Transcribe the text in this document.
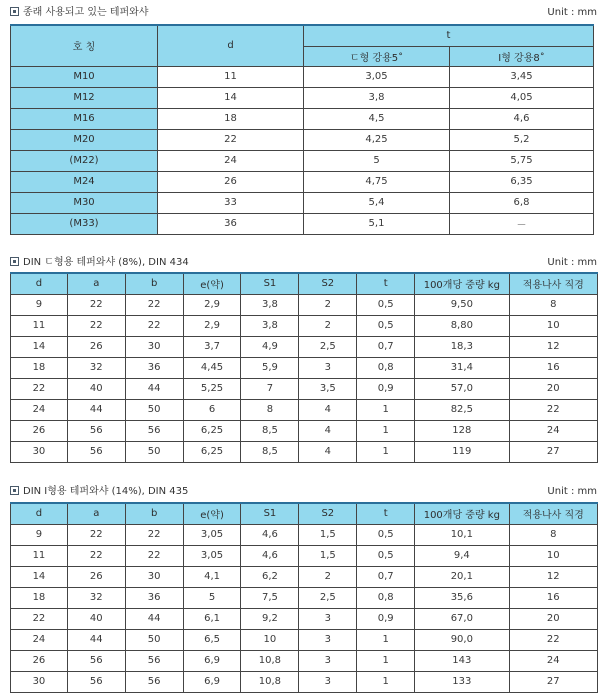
종래 사용되고 있는 테퍼와샤	Unit : mm
호 칭	d	t	
		ㄷ형 강용5˚	I형 강용8˚
M10	11	3,05	3,45
M12	14	3,8	4,05
M16	18	4,5	4,6
M20	22	4,25	5,2
(M22)	24	5	5,75
M24	26	4,75	6,35
M30	33	5,4	6,8
(M33)	36	5,1	－
DIN ㄷ형용 테퍼와샤 (8%), DIN 434	Unit : mm
d	a	b	e(약)	S1	S2	t	100개당 중량 kg	적용나사 직경
9	22	22	2,9	3,8	2	0,5	9,50	8
11	22	22	2,9	3,8	2	0,5	8,80	10
14	26	30	3,7	4,9	2,5	0,7	18,3	12
18	32	36	4,45	5,9	3	0,8	31,4	16
22	40	44	5,25	7	3,5	0,9	57,0	20
24	44	50	6	8	4	1	82,5	22
26	56	56	6,25	8,5	4	1	128	24
30	56	50	6,25	8,5	4	1	119	27
DIN I형용 테퍼와샤 (14%), DIN 435	Unit : mm
d	a	b	e(약)	S1	S2	t	100개당 중량 kg	적용나사 직경
9	22	22	3,05	4,6	1,5	0,5	10,1	8
11	22	22	3,05	4,6	1,5	0,5	9,4	10
14	26	30	4,1	6,2	2	0,7	20,1	12
18	32	36	5	7,5	2,5	0,8	35,6	16
22	40	44	6,1	9,2	3	0,9	67,0	20
24	44	50	6,5	10	3	1	90,0	22
26	56	56	6,9	10,8	3	1	143	24
30	56	56	6,9	10,8	3	1	133	27
